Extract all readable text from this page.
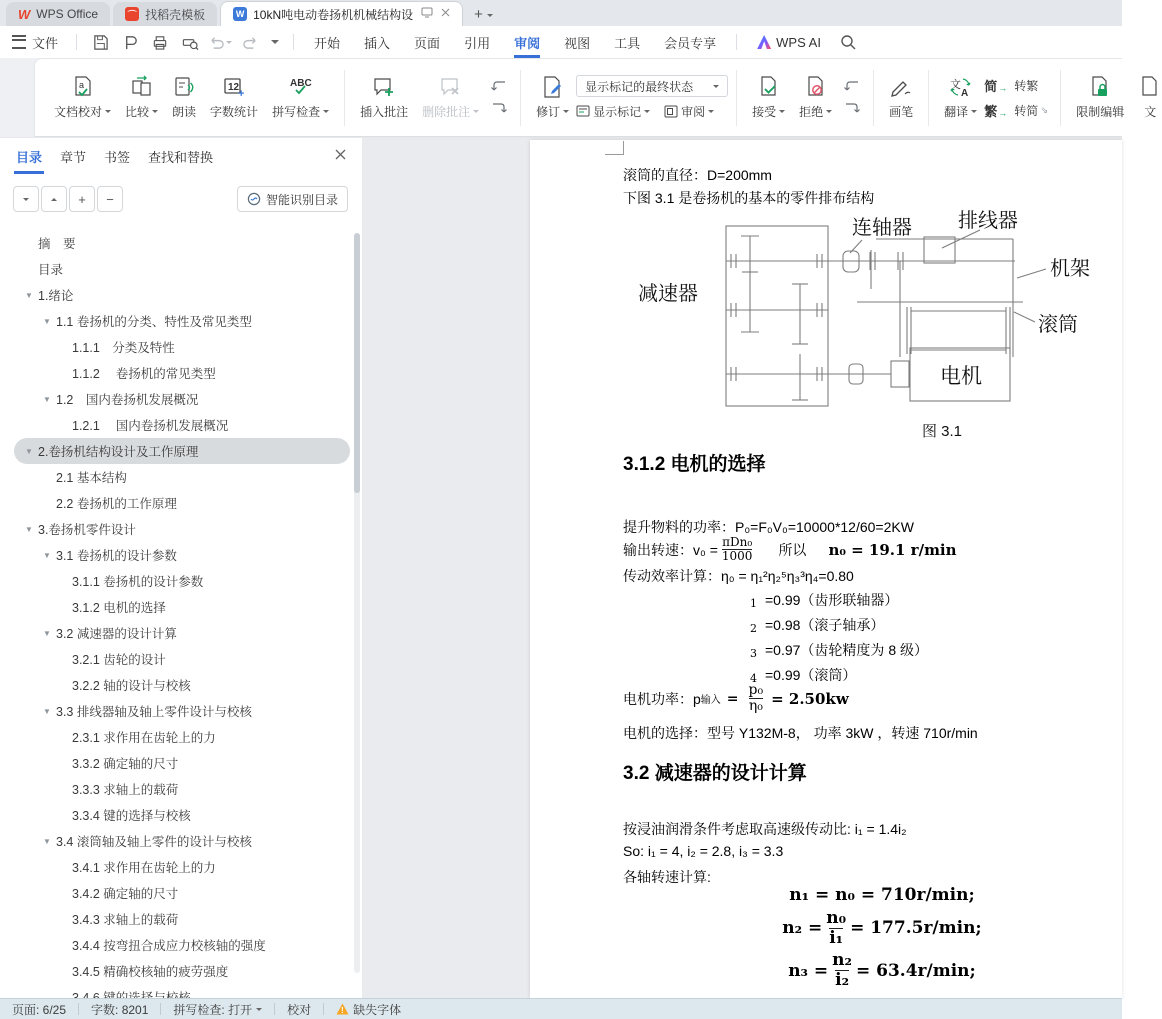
W WPS Office	⌒ 找稻壳模板	W 10kN吨电动卷扬机机械结构设	+
文件	开始	插入	页面	引用	审阅	视图	工具	会员专享	WPS AI
a
文档校对 比较 朗读
12
+
字数统计
ABC
拼写检查	插入批注 删除批注	修订
显示标记的最终状态
显示标记	审阅	接受 拒绝	画笔
文
A
翻译
简 → 转繁
繁 → 转简 ⇘ 限制编辑 文
目录 章节 书签 查找和替换
+	−	智能识别目录
摘　要
目录
▼ 1.绪论
▼ 1.1 卷扬机的分类、特性及常见类型
1.1.1　分类及特性
1.1.2　 卷扬机的常见类型
▼ 1.2　国内卷扬机发展概况
1.2.1　 国内卷扬机发展概况
▼ 2.卷扬机结构设计及工作原理
2.1 基本结构
2.2 卷扬机的工作原理
▼ 3.卷扬机零件设计
▼ 3.1 卷扬机的设计参数
3.1.1 卷扬机的设计参数
3.1.2 电机的选择
▼ 3.2 减速器的设计计算
3.2.1 齿轮的设计
3.2.2 轴的设计与校核
▼ 3.3 排线器轴及轴上零件设计与校核
2.3.1 求作用在齿轮上的力
3.3.2 确定轴的尺寸
3.3.3 求轴上的载荷
3.3.4 键的选择与校核
▼ 3.4 滚筒轴及轴上零件的设计与校核
3.4.1 求作用在齿轮上的力
3.4.2 确定轴的尺寸
3.4.3 求轴上的载荷
3.4.4 按弯扭合成应力校核轴的强度
3.4.5 精确校核轴的疲劳强度
滚筒的直径：D=200mm
下图 3.1 是卷扬机的基本的零件排布结构
减速器
连轴器 排线器
机架
滚筒
电机
图 3.1
3.1.2 电机的选择
提升物料的功率：P₀=F₀V₀=10000*12/60=2KW
输出转速：$v_0 = \frac{\text{πDn₀}}{1000}$ 所以 n₀ = 19.1 r/min
传动效率计算：η₀ = η₁²η₂⁵η₃³η₄=0.80
1 =0.99（齿形联轴器）
2 =0.98（滚子轴承）
3 =0.97（齿轮精度为 8 级）
4 =0.99（滚筒）
电机功率：p 输入 = $\frac{\text{p₀}}{\text{η₀}} = 2.50kw$
电机的选择：型号 Y132M-8， 功率 3kW ，转速 710r/min
3.2 减速器的设计计算
按浸油润滑条件考虑取高速级传动比: i₁ = 1.4i₂
So: i₁ = 4, i₂ = 2.8, i₃ = 3.3
各轴转速计算:
n₁ = n₀ = 710r/min;
$n_2 = \frac{\text{n₀}}{\text{i₁}} = 177.5r/\min$;
$n_3 = \frac{\text{n₂}}{\text{i₂}} = 63.4r/\min$;
页面: 6/25	字数: 8201	拼写检查: 打开	校对	! 缺失字体
